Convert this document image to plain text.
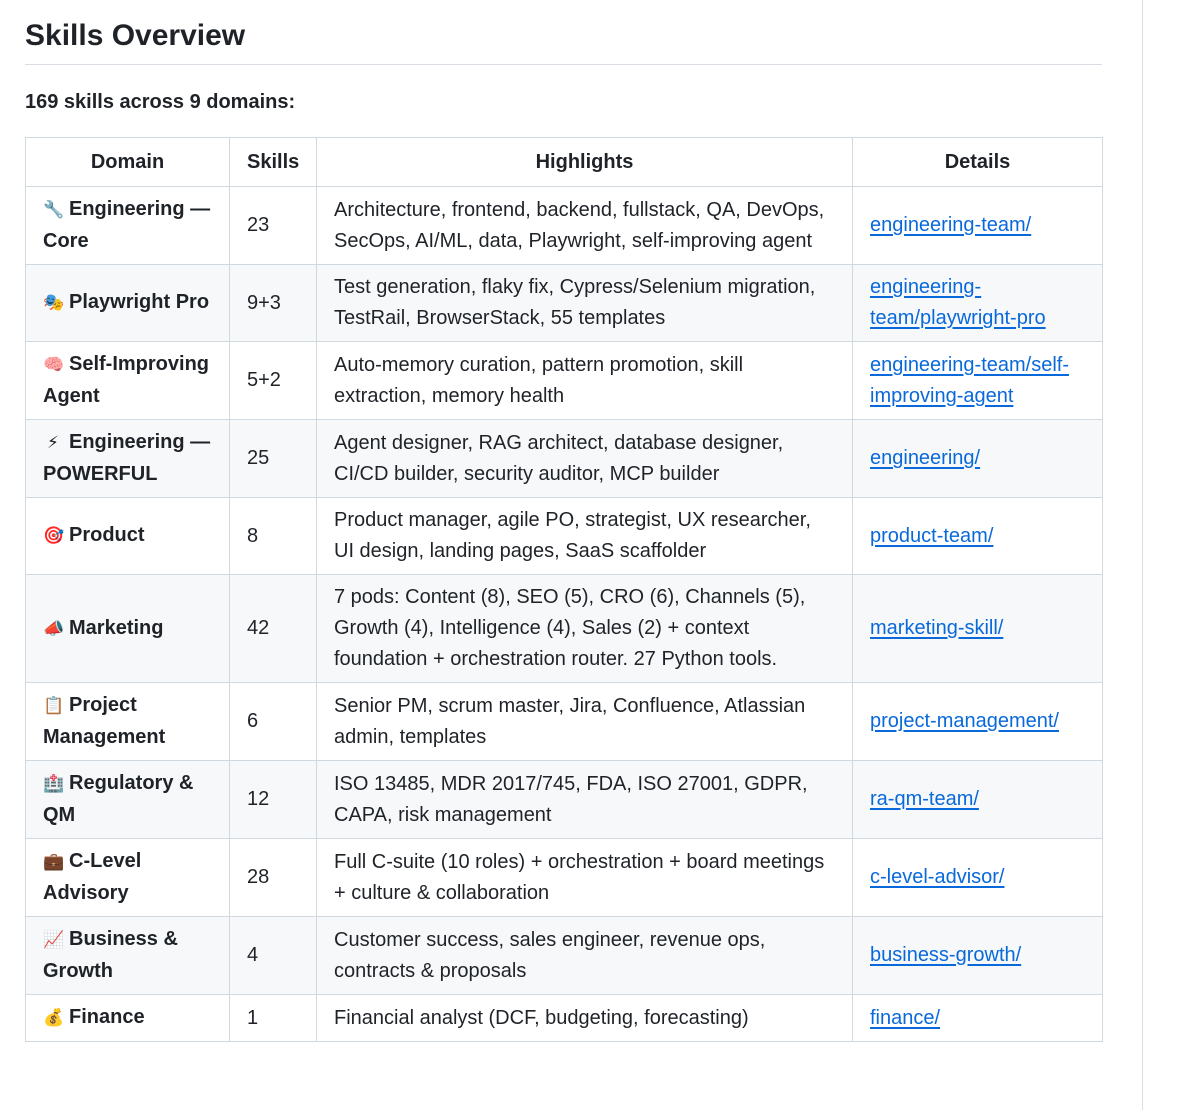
Skills Overview

169 skills across 9 domains:

Domain	Skills	Highlights	Details
🔧 Engineering — Core	23	Architecture, frontend, backend, fullstack, QA, DevOps, SecOps, AI/ML, data, Playwright, self-improving agent	engineering-team/
🎭 Playwright Pro	9+3	Test generation, flaky fix, Cypress/Selenium migration, TestRail, BrowserStack, 55 templates	engineering-team/playwright-pro
🧠 Self-Improving Agent	5+2	Auto-memory curation, pattern promotion, skill extraction, memory health	engineering-team/self-improving-agent
⚡ Engineering — POWERFUL	25	Agent designer, RAG architect, database designer, CI/CD builder, security auditor, MCP builder	engineering/
🎯 Product	8	Product manager, agile PO, strategist, UX researcher, UI design, landing pages, SaaS scaffolder	product-team/
📣 Marketing	42	7 pods: Content (8), SEO (5), CRO (6), Channels (5), Growth (4), Intelligence (4), Sales (2) + context foundation + orchestration router. 27 Python tools.	marketing-skill/
📋 Project Management	6	Senior PM, scrum master, Jira, Confluence, Atlassian admin, templates	project-management/
🏥 Regulatory & QM	12	ISO 13485, MDR 2017/745, FDA, ISO 27001, GDPR, CAPA, risk management	ra-qm-team/
💼 C-Level Advisory	28	Full C-suite (10 roles) + orchestration + board meetings + culture & collaboration	c-level-advisor/
📈 Business & Growth	4	Customer success, sales engineer, revenue ops, contracts & proposals	business-growth/
💰 Finance	1	Financial analyst (DCF, budgeting, forecasting)	finance/
